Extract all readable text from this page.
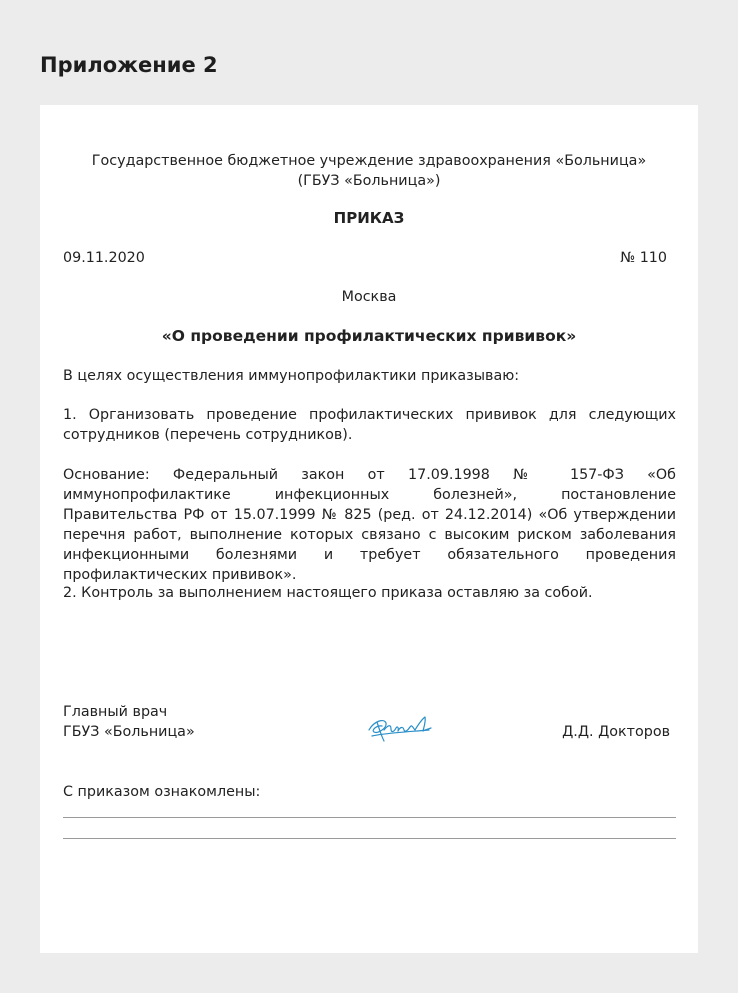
Приложение 2
Государственное бюджетное учреждение здравоохранения «Больница»
(ГБУЗ «Больница»)
ПРИКАЗ
09.11.2020	№ 110
Москва
«О проведении профилактических прививок»

В целях осуществления иммунопрофилактики приказываю:

1. Организовать проведение профилактических прививок для следующих сотрудников (перечень сотрудников).

Основание: Федеральный закон от 17.09.1998 № 157-ФЗ «Об иммунопрофилактике инфекционных болезней», постановление Правительства РФ от 15.07.1999 № 825 (ред. от 24.12.2014) «Об утверждении перечня работ, выполнение которых связано с высоким риском заболевания инфекционными болезнями и требует обязательного проведения профилактических прививок».

2. Контроль за выполнением настоящего приказа оставляю за собой.

Главный врач
ГБУЗ «Больница»	Д.Д. Докторов
С приказом ознакомлены:
